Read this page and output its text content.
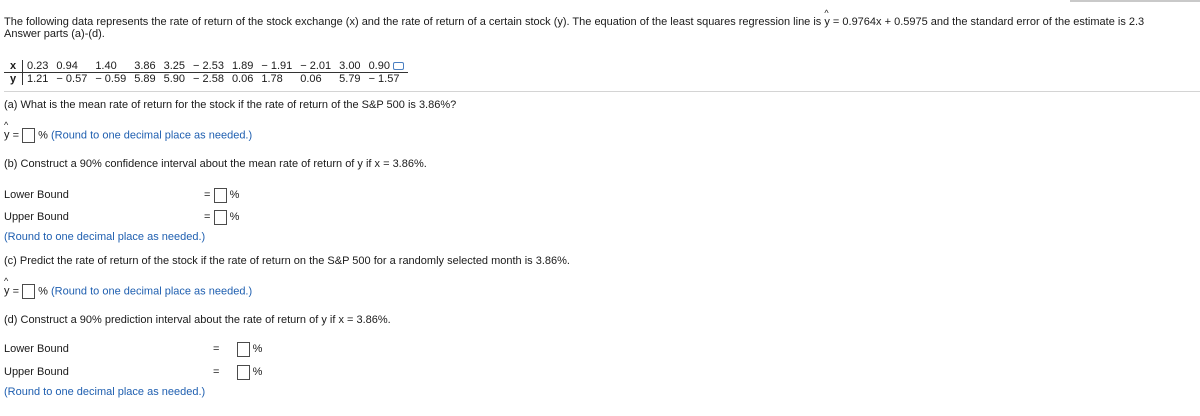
The following data represents the rate of return of the stock exchange (x) and the rate of return of a certain stock (y). The equation of the least squares regression line is ^ y = 0.9764x + 0.5975 and the standard error of the estimate is 2.3
Answer parts (a)-(d).
x	0.23	0.94	1.40	3.86	3.25	− 2.53	1.89	− 1.91	− 2.01	3.00	0.90
y	1.21	− 0.57	− 0.59	5.89	5.90	− 2.58	0.06	1.78	0.06	5.79	− 1.57
(a) What is the mean rate of return for the stock if the rate of return of the S&P 500 is 3.86%?
^ y = % (Round to one decimal place as needed.)
(b) Construct a 90% confidence interval about the mean rate of return of y if x = 3.86%.
Lower Bound	= %
Upper Bound	= %
(Round to one decimal place as needed.)
(c) Predict the rate of return of the stock if the rate of return on the S&P 500 for a randomly selected month is 3.86%.
^ y = % (Round to one decimal place as needed.)
(d) Construct a 90% prediction interval about the rate of return of y if x = 3.86%.
Lower Bound	=	%
Upper Bound	=	%
(Round to one decimal place as needed.)
